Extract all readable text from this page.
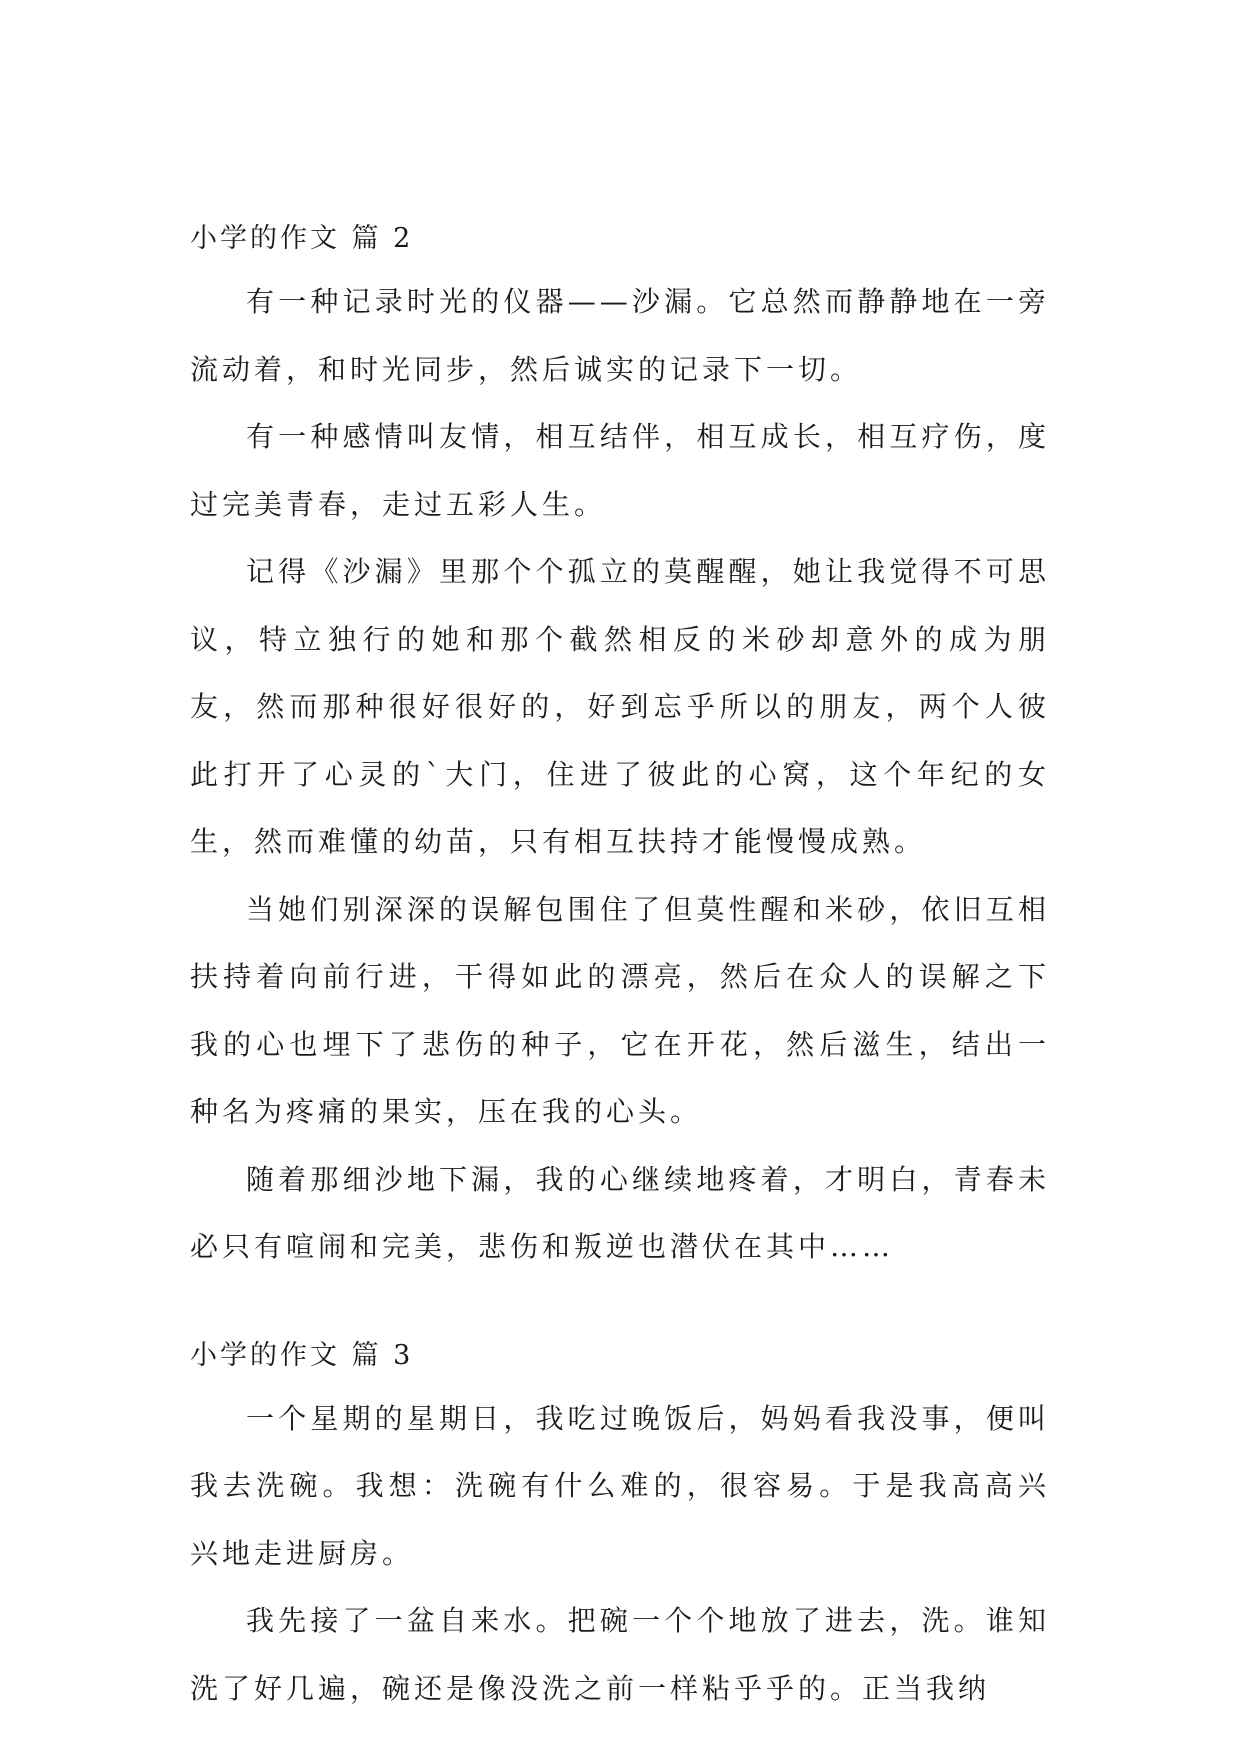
小学的作文 篇 2

有一种记录时光的仪器——沙漏。它总然而静静地在一旁流动着，和时光同步，然后诚实的记录下一切。

有一种感情叫友情，相互结伴，相互成长，相互疗伤，度过完美青春，走过五彩人生。

记得《沙漏》里那个个孤立的莫醒醒，她让我觉得不可思议，特立独行的她和那个截然相反的米砂却意外的成为朋友，然而那种很好很好的，好到忘乎所以的朋友，两个人彼此打开了心灵的`大门，住进了彼此的心窝，这个年纪的女生，然而难懂的幼苗，只有相互扶持才能慢慢成熟。

当她们别深深的误解包围住了但莫性醒和米砂，依旧互相扶持着向前行进，干得如此的漂亮，然后在众人的误解之下我的心也埋下了悲伤的种子，它在开花，然后滋生，结出一种名为疼痛的果实，压在我的心头。

随着那细沙地下漏，我的心继续地疼着，才明白，青春未必只有喧闹和完美，悲伤和叛逆也潜伏在其中……

小学的作文 篇 3

一个星期的星期日，我吃过晚饭后，妈妈看我没事，便叫我去洗碗。我想：洗碗有什么难的，很容易。于是我高高兴兴地走进厨房。

我先接了一盆自来水。把碗一个个地放了进去，洗。谁知洗了好几遍，碗还是像没洗之前一样粘乎乎的。正当我纳
